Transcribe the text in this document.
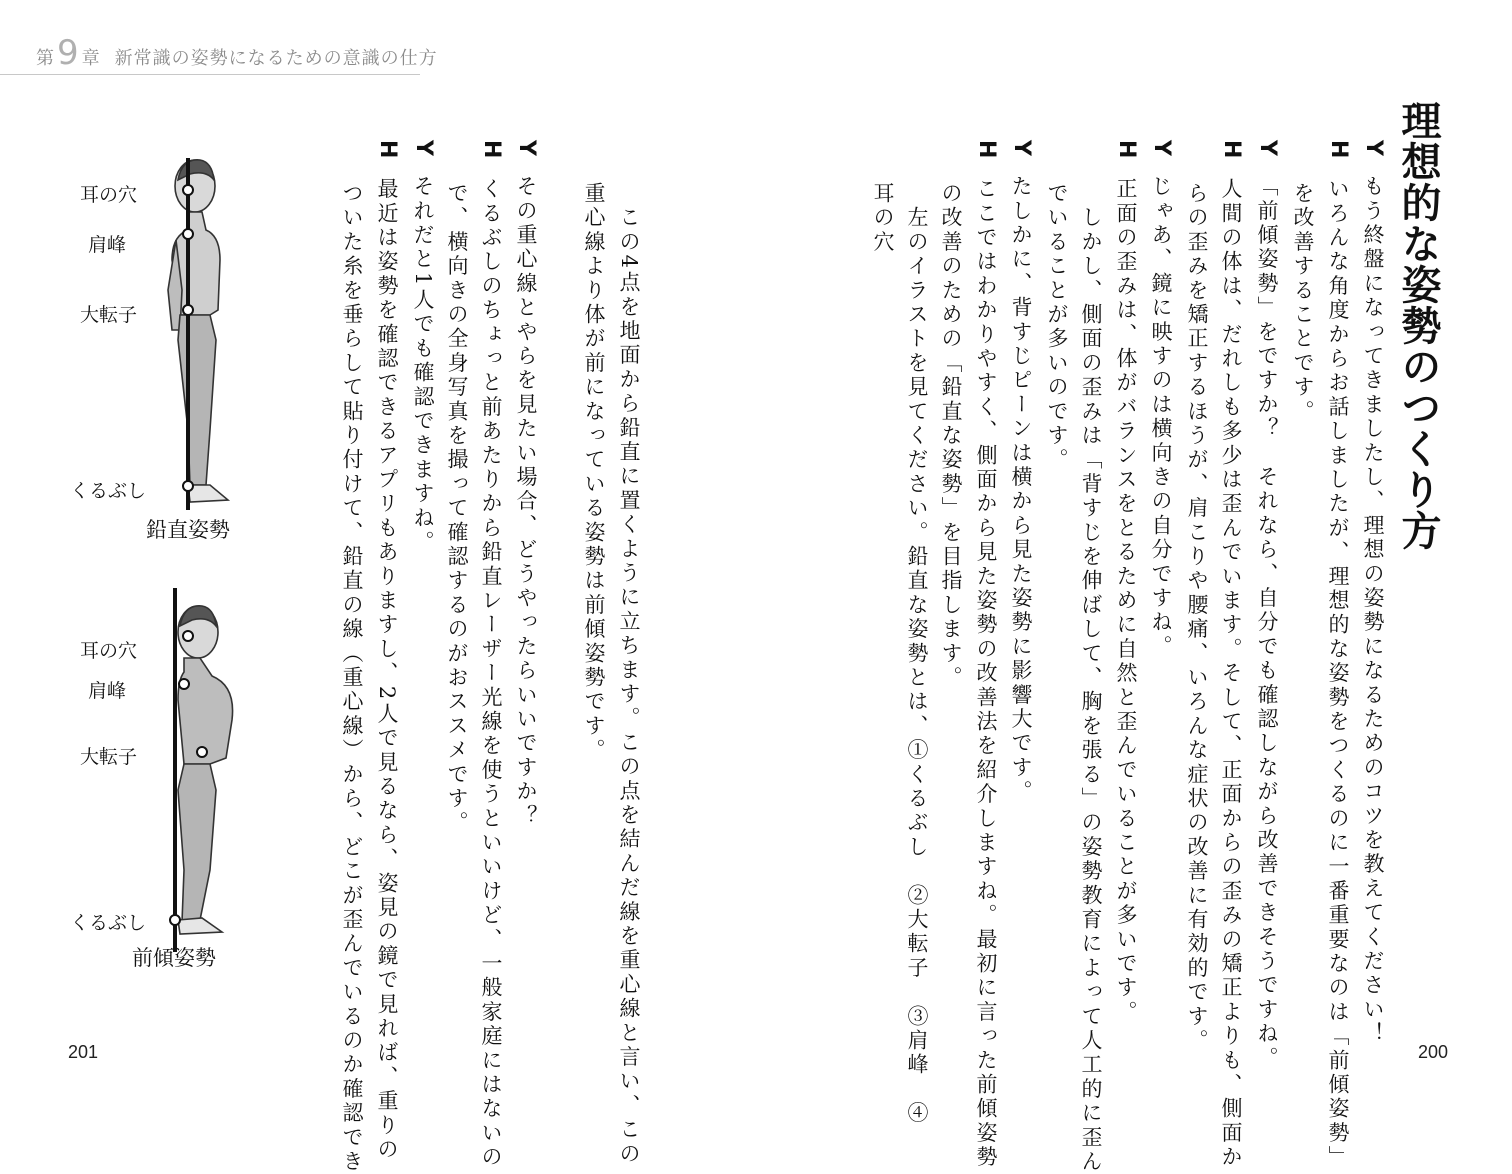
第 9 章 新常識の姿勢になるための意識の仕方
理想的な姿勢のつくり方
Yもう終盤になってきましたし、理想の姿勢になるためのコツを教えてください！
Hいろんな角度からお話しましたが、理想的な姿勢をつくるのに一番重要なのは「前傾姿勢」
を改善することです。
Y「前傾姿勢」をですか？　それなら、自分でも確認しながら改善できそうですね。
H人間の体は、だれしも多少は歪んでいます。そして、正面からの歪みの矯正よりも、側面か
らの歪みを矯正するほうが、肩こりや腰痛、いろんな症状の改善に有効的です。
Yじゃあ、鏡に映すのは横向きの自分ですね。
H正面の歪みは、体がバランスをとるために自然と歪んでいることが多いです。
　しかし、側面の歪みは「背すじを伸ばして、胸を張る」の姿勢教育によって人工的に歪ん
でいることが多いのです。
Yたしかに、背すじピーンは横から見た姿勢に影響大です。
Hここではわかりやすく、側面から見た姿勢の改善法を紹介しますね。最初に言った前傾姿勢
の改善のための「鉛直な姿勢」を目指します。
　左のイラストを見てください。鉛直な姿勢とは、①くるぶし　②大転子　③肩峰　④
耳の穴
　この4点を地面から鉛直に置くように立ちます。この点を結んだ線を重心線と言い、この
重心線より体が前になっている姿勢は前傾姿勢です。
Yその重心線とやらを見たい場合、どうやったらいいですか？
Hくるぶしのちょっと前あたりから鉛直レーザー光線を使うといいけど、一般家庭にはないの
で、横向きの全身写真を撮って確認するのがおススメです。
Yそれだと1人でも確認できますね。
H最近は姿勢を確認できるアプリもありますし、2人で見るなら、姿見の鏡で見れば、重りの
ついた糸を垂らして貼り付けて、鉛直の線（重心線）から、どこが歪んでいるのか確認でき
耳の穴
肩峰
大転子
くるぶし
鉛直姿勢
耳の穴
肩峰
大転子
くるぶし
前傾姿勢
201	200
